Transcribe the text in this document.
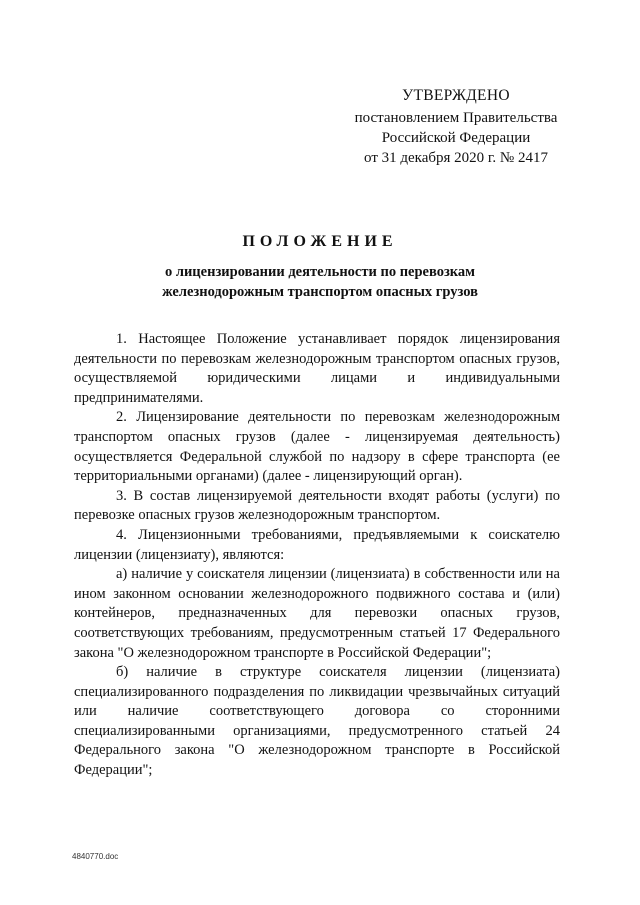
УТВЕРЖДЕНО
постановлением Правительства
Российской Федерации
от 31 декабря 2020 г. № 2417
ПОЛОЖЕНИЕ
о лицензировании деятельности по перевозкам
железнодорожным транспортом опасных грузов

1. Настоящее Положение устанавливает порядок лицензирования деятельности по перевозкам железнодорожным транспортом опасных грузов, осуществляемой юридическими лицами и индивидуальными предпринимателями.

2. Лицензирование деятельности по перевозкам железнодорожным транспортом опасных грузов (далее - лицензируемая деятельность) осуществляется Федеральной службой по надзору в сфере транспорта (ее территориальными органами) (далее - лицензирующий орган).

3. В состав лицензируемой деятельности входят работы (услуги) по перевозке опасных грузов железнодорожным транспортом.

4. Лицензионными требованиями, предъявляемыми к соискателю лицензии (лицензиату), являются:

а) наличие у соискателя лицензии (лицензиата) в собственности или на ином законном основании железнодорожного подвижного состава и (или) контейнеров, предназначенных для перевозки опасных грузов, соответствующих требованиям, предусмотренным статьей 17 Федерального закона "О железнодорожном транспорте в Российской Федерации";

б) наличие в структуре соискателя лицензии (лицензиата) специализированного подразделения по ликвидации чрезвычайных ситуаций или наличие соответствующего договора со сторонними специализированными организациями, предусмотренного статьей 24 Федерального закона "О железнодорожном транспорте в Российской Федерации";

4840770.doc
